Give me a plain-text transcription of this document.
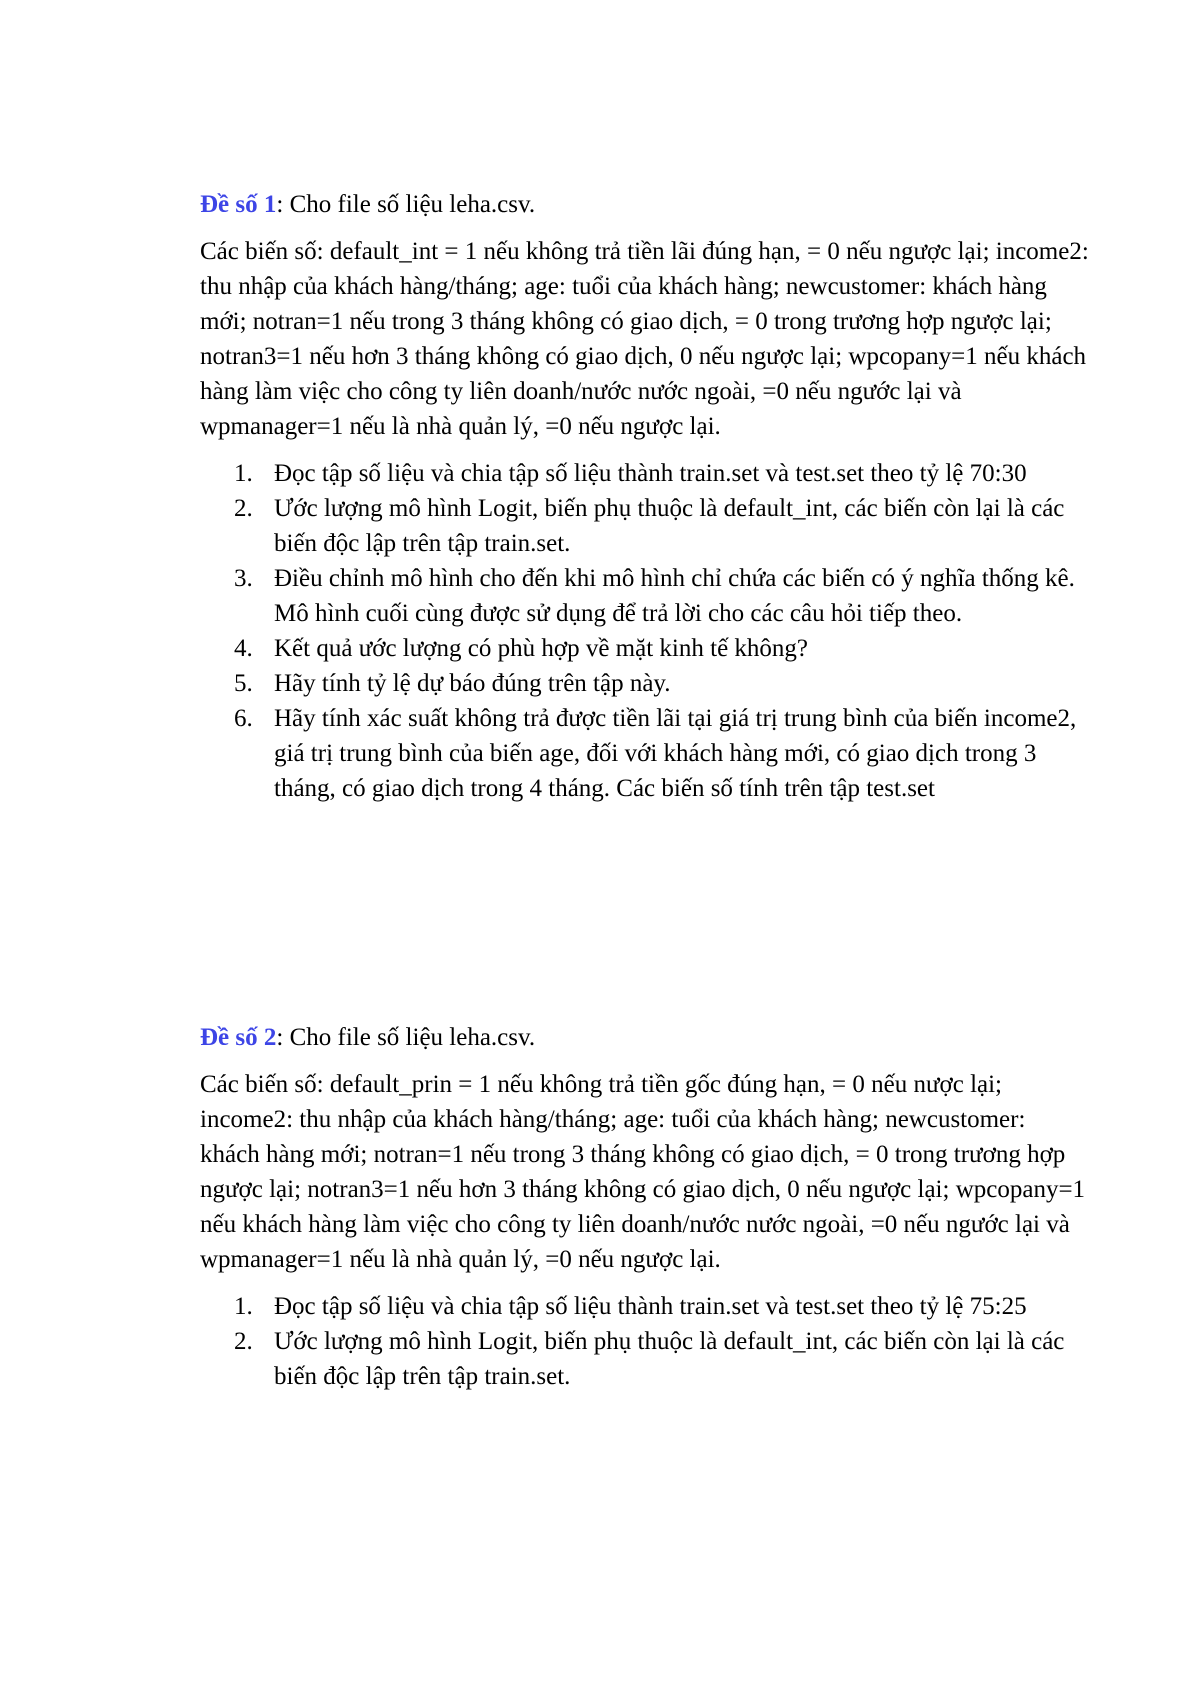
Đề số 1: Cho file số liệu leha.csv.

Các biến số: default_int = 1 nếu không trả tiền lãi đúng hạn, = 0 nếu ngược lại; income2: thu nhập của khách hàng/tháng; age: tuổi của khách hàng; newcustomer: khách hàng mới; notran=1 nếu trong 3 tháng không có giao dịch, = 0 trong trương hợp ngược lại; notran3=1 nếu hơn 3 tháng không có giao dịch, 0 nếu ngược lại; wpcopany=1 nếu khách hàng làm việc cho công ty liên doanh/nước nước ngoài, =0 nếu ngước lại và wpmanager=1 nếu là nhà quản lý, =0 nếu ngược lại.

1. Đọc tập số liệu và chia tập số liệu thành train.set và test.set theo tỷ lệ 70:30
2. Ước lượng mô hình Logit, biến phụ thuộc là default_int, các biến còn lại là các biến độc lập trên tập train.set.
3. Điều chỉnh mô hình cho đến khi mô hình chỉ chứa các biến có ý nghĩa thống kê. Mô hình cuối cùng được sử dụng để trả lời cho các câu hỏi tiếp theo.
4. Kết quả ước lượng có phù hợp về mặt kinh tế không?
5. Hãy tính tỷ lệ dự báo đúng trên tập này.
6. Hãy tính xác suất không trả được tiền lãi tại giá trị trung bình của biến income2, giá trị trung bình của biến age, đối với khách hàng mới, có giao dịch trong 3 tháng, có giao dịch trong 4 tháng. Các biến số tính trên tập test.set

Đề số 2: Cho file số liệu leha.csv.

Các biến số: default_prin = 1 nếu không trả tiền gốc đúng hạn, = 0 nếu nược lại; income2: thu nhập của khách hàng/tháng; age: tuổi của khách hàng; newcustomer: khách hàng mới; notran=1 nếu trong 3 tháng không có giao dịch, = 0 trong trương hợp ngược lại; notran3=1 nếu hơn 3 tháng không có giao dịch, 0 nếu ngược lại; wpcopany=1 nếu khách hàng làm việc cho công ty liên doanh/nước nước ngoài, =0 nếu ngước lại và wpmanager=1 nếu là nhà quản lý, =0 nếu ngược lại.

1. Đọc tập số liệu và chia tập số liệu thành train.set và test.set theo tỷ lệ 75:25
2. Ước lượng mô hình Logit, biến phụ thuộc là default_int, các biến còn lại là các biến độc lập trên tập train.set.
